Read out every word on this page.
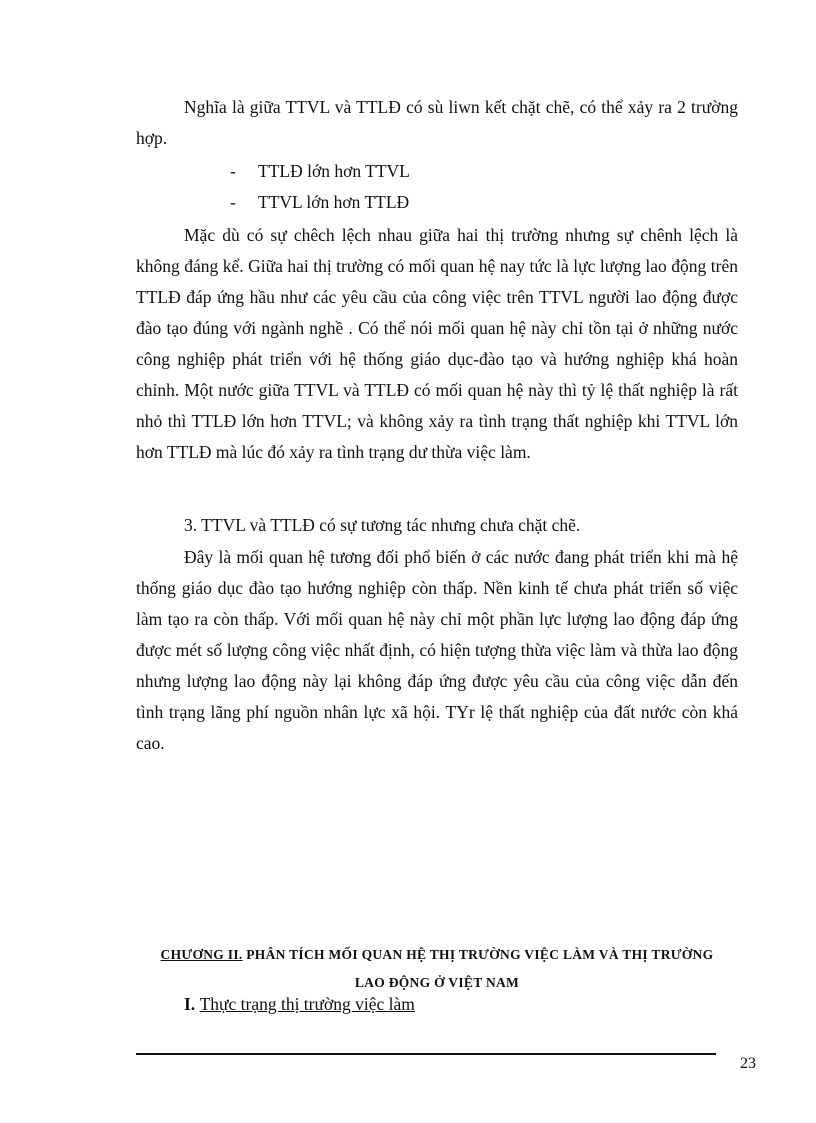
Nghĩa là giữa TTVL và TTLĐ có sù liwn kết chặt chẽ, có thể xảy ra 2 trường hợp.

- TTLĐ lớn hơn TTVL

- TTVL lớn hơn TTLĐ

Mặc dù có sự chêch lệch nhau giữa hai thị trường nhưng sự chênh lệch là không đáng kể. Giữa hai thị trường có mối quan hệ nay tức là lực lượng lao động trên TTLĐ đáp ứng hầu như các yêu cầu của công việc trên TTVL người lao động được đào tạo đúng với ngành nghề . Có thể nói mối quan hệ này chỉ tồn tại ở những nước công nghiệp phát triển với hệ thống giáo dục-đào tạo và hướng nghiệp khá hoàn chỉnh. Một nước giữa TTVL và TTLĐ có mối quan hệ này thì tỷ lệ thất nghiệp là rất nhỏ thì TTLĐ lớn hơn TTVL; và không xảy ra tình trạng thất nghiệp khi TTVL lớn hơn TTLĐ mà lúc đó xảy ra tình trạng dư thừa việc làm.

3. TTVL và TTLĐ có sự tương tác nhưng chưa chặt chẽ.

Đây là mối quan hệ tương đối phổ biến ở các nước đang phát triển khi mà hệ thống giáo dục đào tạo hướng nghiệp còn thấp. Nền kinh tế chưa phát triển số việc làm tạo ra còn thấp. Với mối quan hệ này chỉ một phần lực lượng lao động đáp ứng được mét số lượng công việc nhất định, có hiện tượng thừa việc làm và thừa lao động nhưng lượng lao động này lại không đáp ứng được yêu cầu của công việc dẫn đến tình trạng lãng phí nguồn nhân lực xã hội. TYr lệ thất nghiệp của đất nước còn khá cao.

CHƯƠNG II. PHÂN TÍCH MỐI QUAN HỆ THỊ TRƯỜNG VIỆC LÀM VÀ THỊ TRƯỜNG
LAO ĐỘNG Ở VIỆT NAM
I. Thực trạng thị trường việc làm
23
